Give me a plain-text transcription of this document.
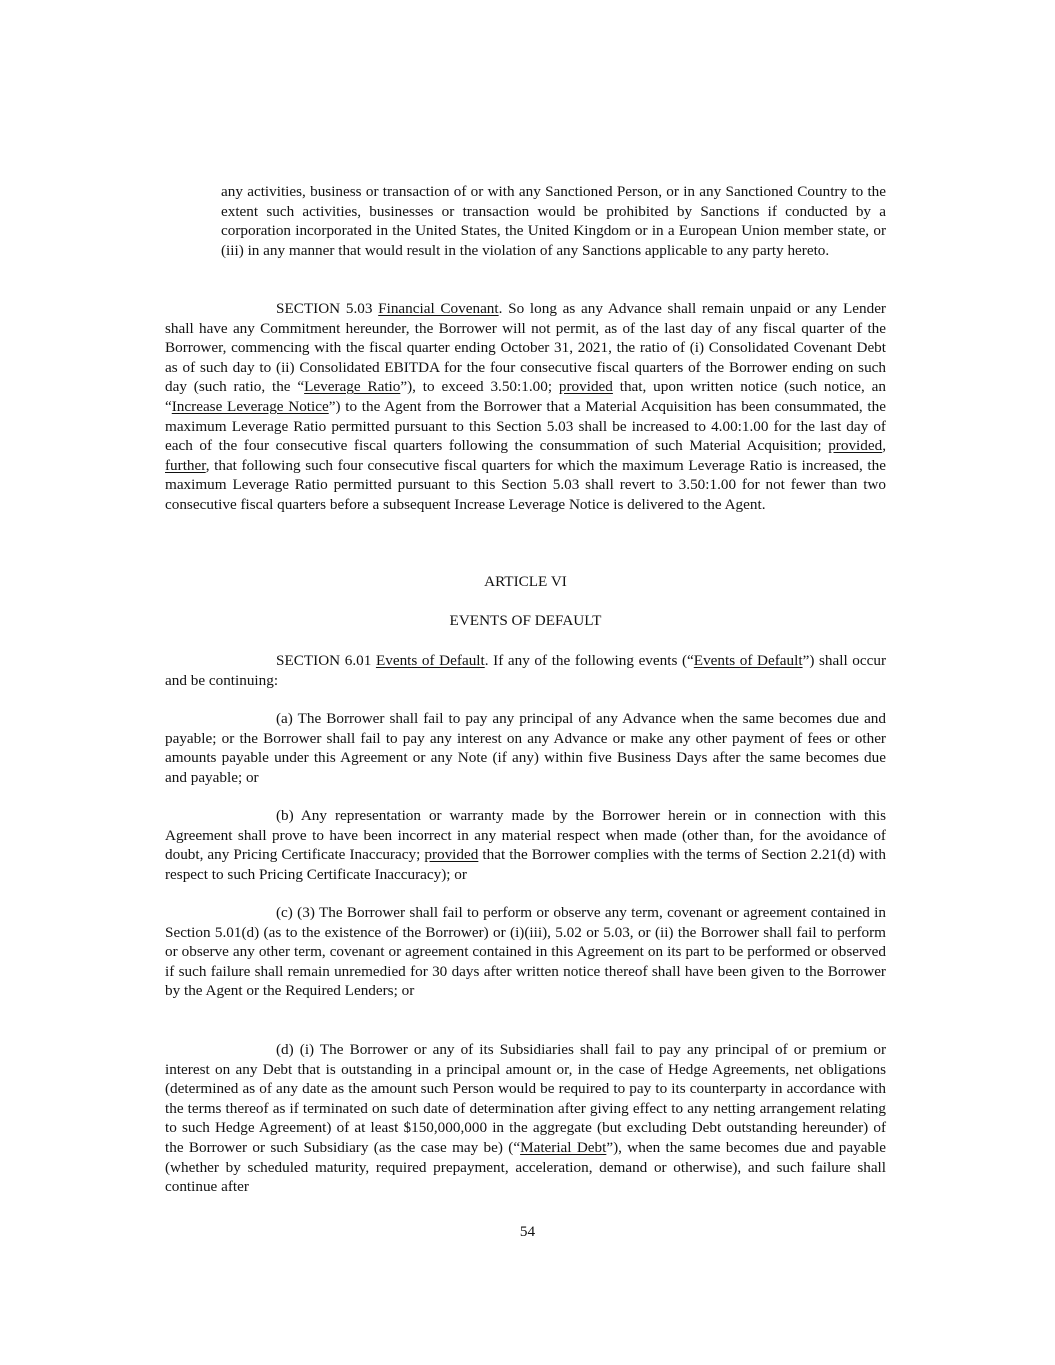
any activities, business or transaction of or with any Sanctioned Person, or in any Sanctioned Country to the extent such activities, businesses or transaction would be prohibited by Sanctions if conducted by a corporation incorporated in the United States, the United Kingdom or in a European Union member state, or (iii) in any manner that would result in the violation of any Sanctions applicable to any party hereto.

SECTION 5.03 Financial Covenant. So long as any Advance shall remain unpaid or any Lender shall have any Commitment hereunder, the Borrower will not permit, as of the last day of any fiscal quarter of the Borrower, commencing with the fiscal quarter ending October 31, 2021, the ratio of (i) Consolidated Covenant Debt as of such day to (ii) Consolidated EBITDA for the four consecutive fiscal quarters of the Borrower ending on such day (such ratio, the “Leverage Ratio”), to exceed 3.50:1.00; provided that, upon written notice (such notice, an “Increase Leverage Notice”) to the Agent from the Borrower that a Material Acquisition has been consummated, the maximum Leverage Ratio permitted pursuant to this Section 5.03 shall be increased to 4.00:1.00 for the last day of each of the four consecutive fiscal quarters following the consummation of such Material Acquisition; provided, further, that following such four consecutive fiscal quarters for which the maximum Leverage Ratio is increased, the maximum Leverage Ratio permitted pursuant to this Section 5.03 shall revert to 3.50:1.00 for not fewer than two consecutive fiscal quarters before a subsequent Increase Leverage Notice is delivered to the Agent.

ARTICLE VI

EVENTS OF DEFAULT

SECTION 6.01 Events of Default. If any of the following events (“Events of Default”) shall occur and be continuing:

(a) The Borrower shall fail to pay any principal of any Advance when the same becomes due and payable; or the Borrower shall fail to pay any interest on any Advance or make any other payment of fees or other amounts payable under this Agreement or any Note (if any) within five Business Days after the same becomes due and payable; or

(b) Any representation or warranty made by the Borrower herein or in connection with this Agreement shall prove to have been incorrect in any material respect when made (other than, for the avoidance of doubt, any Pricing Certificate Inaccuracy; provided that the Borrower complies with the terms of Section 2.21(d) with respect to such Pricing Certificate Inaccuracy); or

(c) (3) The Borrower shall fail to perform or observe any term, covenant or agreement contained in Section 5.01(d) (as to the existence of the Borrower) or (i)(iii), 5.02 or 5.03, or (ii) the Borrower shall fail to perform or observe any other term, covenant or agreement contained in this Agreement on its part to be performed or observed if such failure shall remain unremedied for 30 days after written notice thereof shall have been given to the Borrower by the Agent or the Required Lenders; or

(d) (i) The Borrower or any of its Subsidiaries shall fail to pay any principal of or premium or interest on any Debt that is outstanding in a principal amount or, in the case of Hedge Agreements, net obligations (determined as of any date as the amount such Person would be required to pay to its counterparty in accordance with the terms thereof as if terminated on such date of determination after giving effect to any netting arrangement relating to such Hedge Agreement) of at least $150,000,000 in the aggregate (but excluding Debt outstanding hereunder) of the Borrower or such Subsidiary (as the case may be) (“Material Debt”), when the same becomes due and payable (whether by scheduled maturity, required prepayment, acceleration, demand or otherwise), and such failure shall continue after

54
